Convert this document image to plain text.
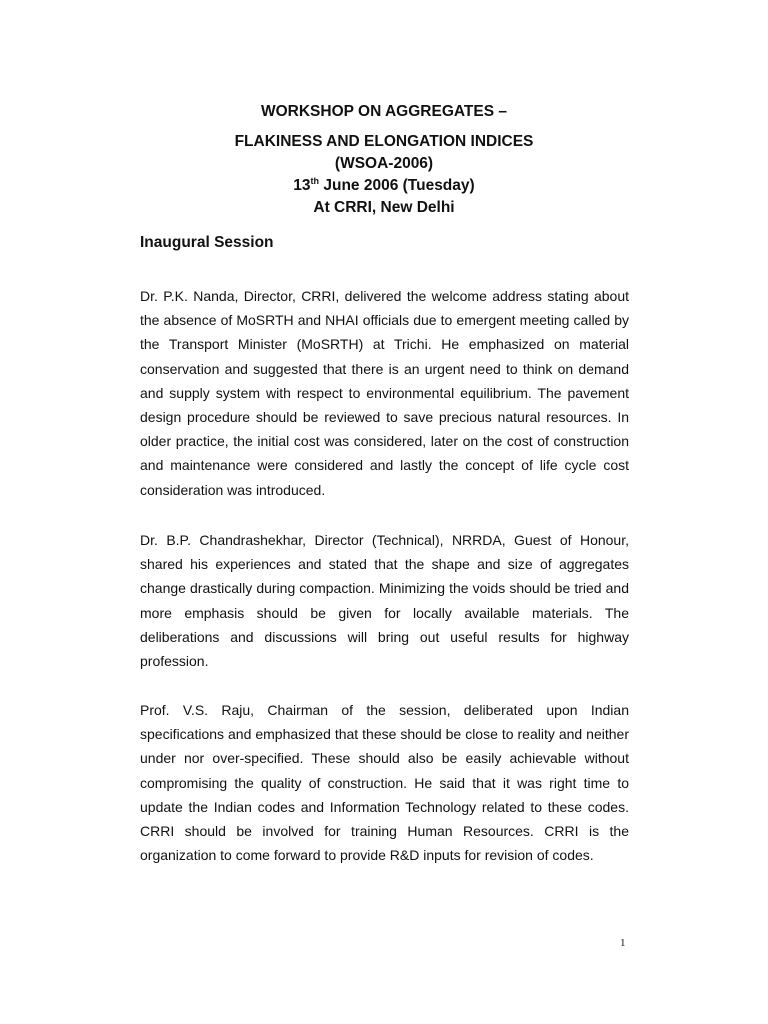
WORKSHOP ON AGGREGATES –

FLAKINESS AND ELONGATION INDICES

(WSOA-2006)

13th June 2006 (Tuesday)

At CRRI, New Delhi

Inaugural Session

Dr. P.K. Nanda, Director, CRRI, delivered the welcome address stating about the absence of MoSRTH and NHAI officials due to emergent meeting called by the Transport Minister (MoSRTH) at Trichi. He emphasized on material conservation and suggested that there is an urgent need to think on demand and supply system with respect to environmental equilibrium. The pavement design procedure should be reviewed to save precious natural resources. In older practice, the initial cost was considered, later on the cost of construction and maintenance were considered and lastly the concept of life cycle cost consideration was introduced.

Dr. B.P. Chandrashekhar, Director (Technical), NRRDA, Guest of Honour, shared his experiences and stated that the shape and size of aggregates change drastically during compaction. Minimizing the voids should be tried and more emphasis should be given for locally available materials. The deliberations and discussions will bring out useful results for highway profession.

Prof. V.S. Raju, Chairman of the session, deliberated upon Indian specifications and emphasized that these should be close to reality and neither under nor over-specified. These should also be easily achievable without compromising the quality of construction. He said that it was right time to update the Indian codes and Information Technology related to these codes. CRRI should be involved for training Human Resources. CRRI is the organization to come forward to provide R&D inputs for revision of codes.

1
